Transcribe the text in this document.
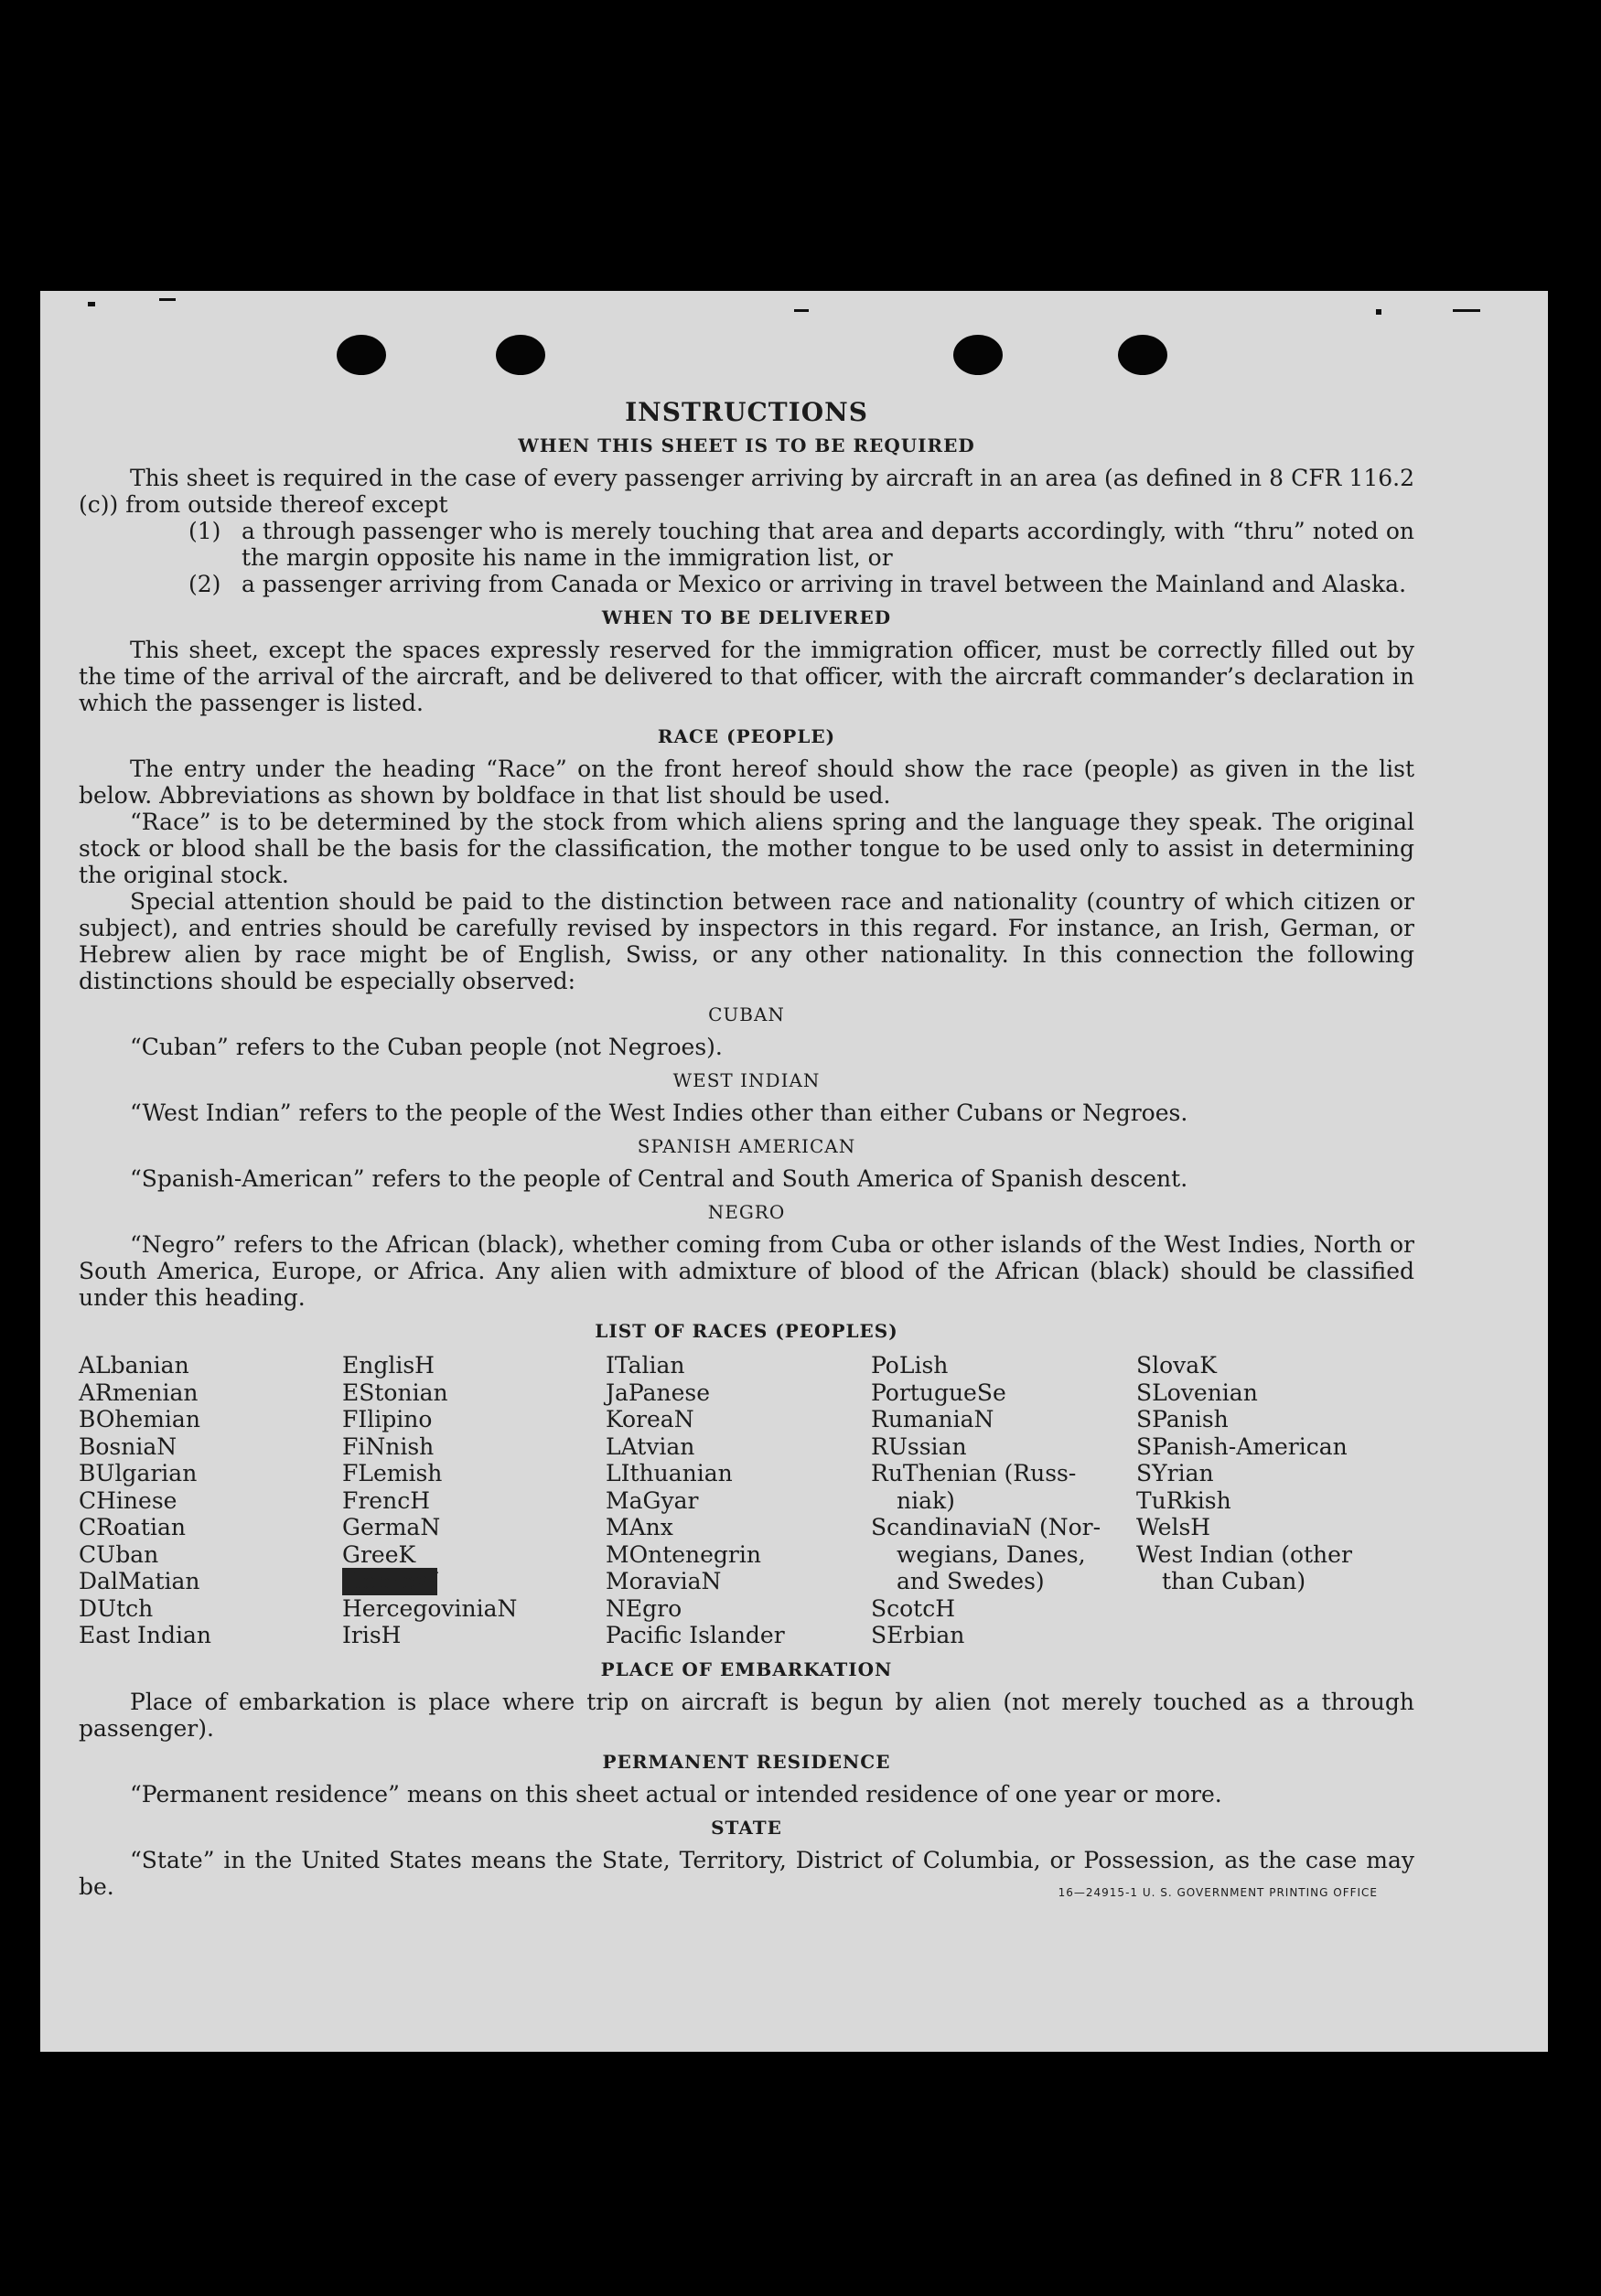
INSTRUCTIONS
WHEN THIS SHEET IS TO BE REQUIRED

This sheet is required in the case of every passenger arriving by aircraft in an area (as defined in 8 CFR 116.2 (c)) from outside thereof except

(1) a through passenger who is merely touching that area and departs accordingly, with “thru” noted on the margin opposite his name in the immigration list, or

(2) a passenger arriving from Canada or Mexico or arriving in travel between the Mainland and Alaska.

WHEN TO BE DELIVERED

This sheet, except the spaces expressly reserved for the immigration officer, must be correctly filled out by the time of the arrival of the aircraft, and be delivered to that officer, with the aircraft commander’s declaration in which the passenger is listed.

RACE (PEOPLE)

The entry under the heading “Race” on the front hereof should show the race (people) as given in the list below. Abbreviations as shown by boldface in that list should be used.

“Race” is to be determined by the stock from which aliens spring and the language they speak. The original stock or blood shall be the basis for the classification, the mother tongue to be used only to assist in determining the original stock.

Special attention should be paid to the distinction between race and nationality (country of which citizen or subject), and entries should be carefully revised by inspectors in this regard. For instance, an Irish, German, or Hebrew alien by race might be of English, Swiss, or any other nationality. In this connection the following distinctions should be especially observed:

CUBAN

“Cuban” refers to the Cuban people (not Negroes).

WEST INDIAN

“West Indian” refers to the people of the West Indies other than either Cubans or Negroes.

SPANISH AMERICAN

“Spanish-American” refers to the people of Central and South America of Spanish descent.

NEGRO

“Negro” refers to the African (black), whether coming from Cuba or other islands of the West Indies, North or South America, Europe, or Africa. Any alien with admixture of blood of the African (black) should be classified under this heading.

LIST OF RACES (PEOPLES)
ALbanian
ARmenian
BOhemian
BosniaN
BUlgarian
CHinese
CRoatian
CUban
DalMatian
DUtch
East Indian
EnglisH
EStonian
FIlipino
FiNnish
FLemish
FrencH
GermaN
GreeK
HebreW
HercegoviniaN
IrisH
ITalian
JaPanese
KoreaN
LAtvian
LIthuanian
MaGyar
MAnx
MOntenegrin
MoraviaN
NEgro
Pacific Islander
PoLish
PortugueSe
RumaniaN
RUssian
RuThenian (Russ-
niak)
ScandinaviaN (Nor-
wegians, Danes,
and Swedes)
ScotcH
SErbian
SlovaK
SLovenian
SPanish
SPanish-American
SYrian
TuRkish
WelsH
West Indian (other
than Cuban)
PLACE OF EMBARKATION

Place of embarkation is place where trip on aircraft is begun by alien (not merely touched as a through passenger).

PERMANENT RESIDENCE

“Permanent residence” means on this sheet actual or intended residence of one year or more.

STATE

“State” in the United States means the State, Territory, District of Columbia, or Possession, as the case may be.	16—24915-1 U. S. GOVERNMENT PRINTING OFFICE
